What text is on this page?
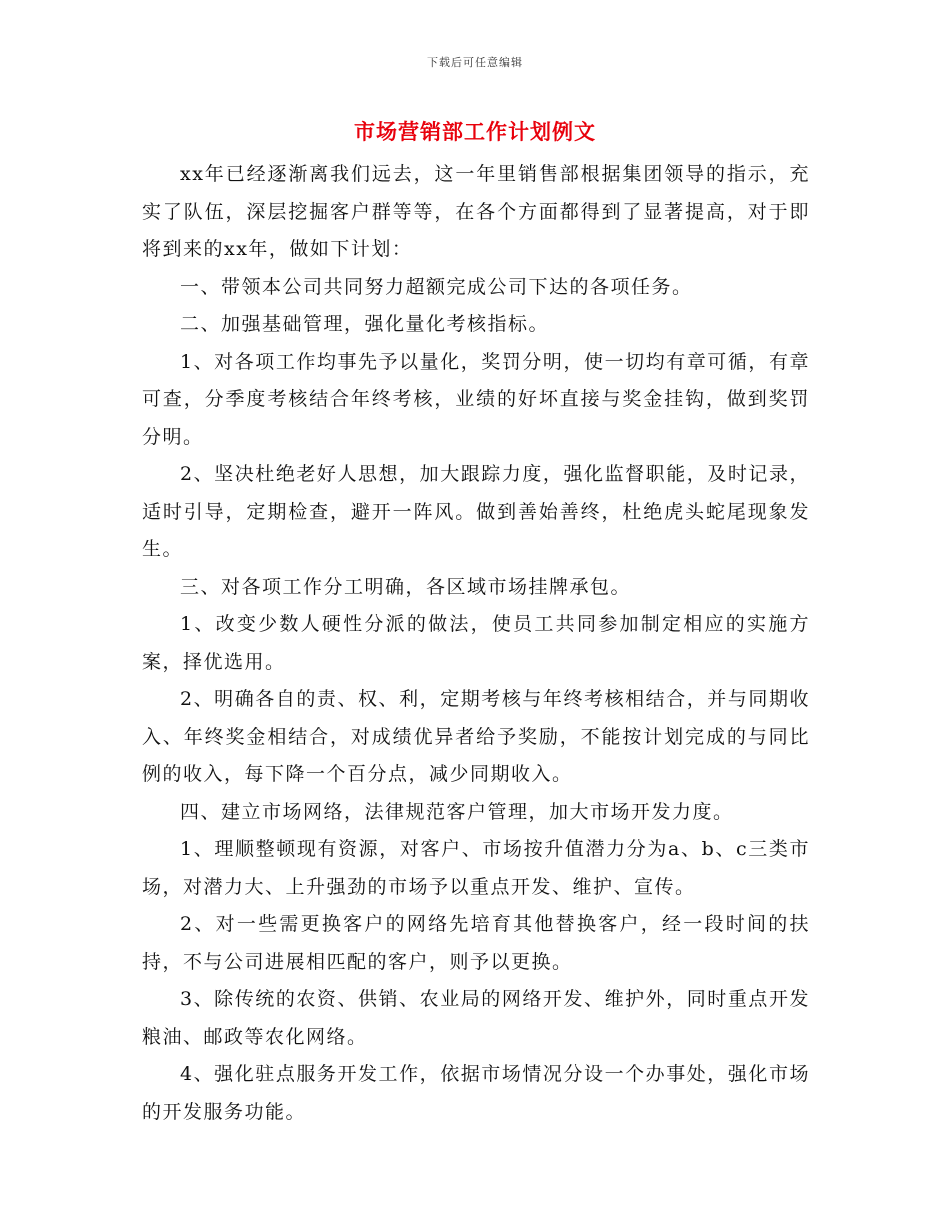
下载后可任意编辑
市场营销部工作计划例文

xx年已经逐渐离我们远去，这一年里销售部根据集团领导的指示，充实了队伍，深层挖掘客户群等等，在各个方面都得到了显著提高，对于即将到来的xx年，做如下计划：

一、带领本公司共同努力超额完成公司下达的各项任务。

二、加强基础管理，强化量化考核指标。

1、对各项工作均事先予以量化，奖罚分明，使一切均有章可循，有章可查，分季度考核结合年终考核，业绩的好坏直接与奖金挂钩，做到奖罚分明。

2、坚决杜绝老好人思想，加大跟踪力度，强化监督职能，及时记录，适时引导，定期检查，避开一阵风。做到善始善终，杜绝虎头蛇尾现象发生。

三、对各项工作分工明确，各区域市场挂牌承包。

1、改变少数人硬性分派的做法，使员工共同参加制定相应的实施方案，择优选用。

2、明确各自的责、权、利，定期考核与年终考核相结合，并与同期收入、年终奖金相结合，对成绩优异者给予奖励，不能按计划完成的与同比例的收入，每下降一个百分点，减少同期收入。

四、建立市场网络，法律规范客户管理，加大市场开发力度。

1、理顺整顿现有资源，对客户、市场按升值潜力分为a、b、c三类市场，对潜力大、上升强劲的市场予以重点开发、维护、宣传。

2、对一些需更换客户的网络先培育其他替换客户，经一段时间的扶持，不与公司进展相匹配的客户，则予以更换。

3、除传统的农资、供销、农业局的网络开发、维护外，同时重点开发粮油、邮政等农化网络。

4、强化驻点服务开发工作，依据市场情况分设一个办事处，强化市场的开发服务功能。
